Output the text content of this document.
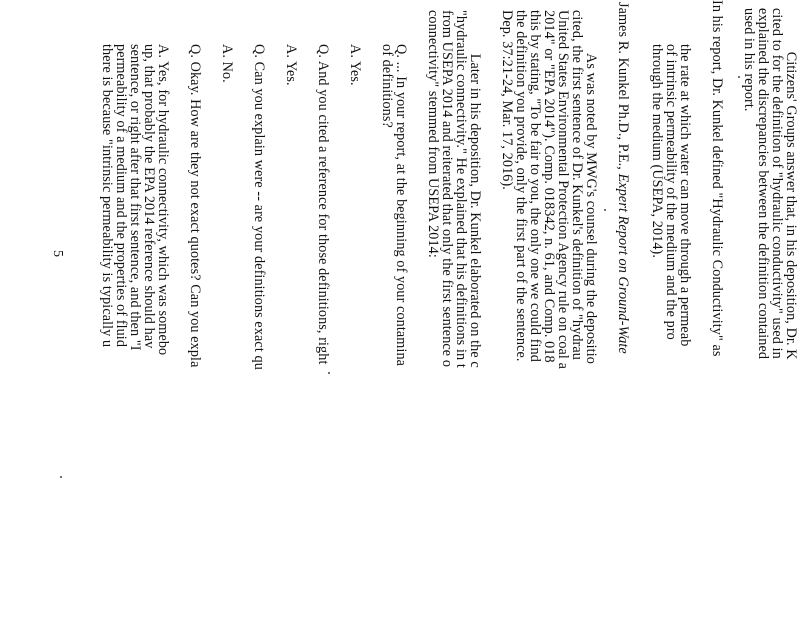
Citizens' Groups answer that, in his deposition, Dr. K

cited to for the definition of "hydraulic conductivity" used in

explained the discrepancies between the definition contained

used in his report.

In his report, Dr. Kunkel defined "Hydraulic Conductivity" as

the rate at which water can move through a permeab

of intrinsic permeability of the medium and the pro

through the medium (USEPA, 2014).

James R. Kunkel Ph.D., P.E., Expert Report on Ground-Wate

As was noted by MWG's counsel during the depositio

cited, the first sentence of Dr. Kunkel's definition of "hydrau

United States Environmental Protection Agency rule on coal a

2014" or "EPA 2014"). Comp. 018342, n. 61, and Comp. 018

this by stating, "To be fair to you, the only one we could find

the definition you provide, only the first part of the sentence.

Dep. 37:21-24, Mar. 17, 2016).

Later in his deposition, Dr. Kunkel elaborated on the c

"hydraulic connectivity." He explained that his definitions in t

from USEPA 2014 and reiterated that only the first sentence o

connectivity" stemmed from USEPA 2014:

Q. ... In your report, at the beginning of your contamina

of definitions?

A. Yes.

Q. And you cited a reference for those definitions, right

A. Yes.

Q. Can you explain were -- are your definitions exact qu

A. No.

Q. Okay. How are they not exact quotes? Can you expla

A. Yes, for hydraulic connectivity, which was somebo

up, that probably the EPA 2014 reference should hav

sentence, or right after that first sentence, and then "I

permeability of a medium and the properties of fluid

there is because "intrinsic permeability is typically u

5
